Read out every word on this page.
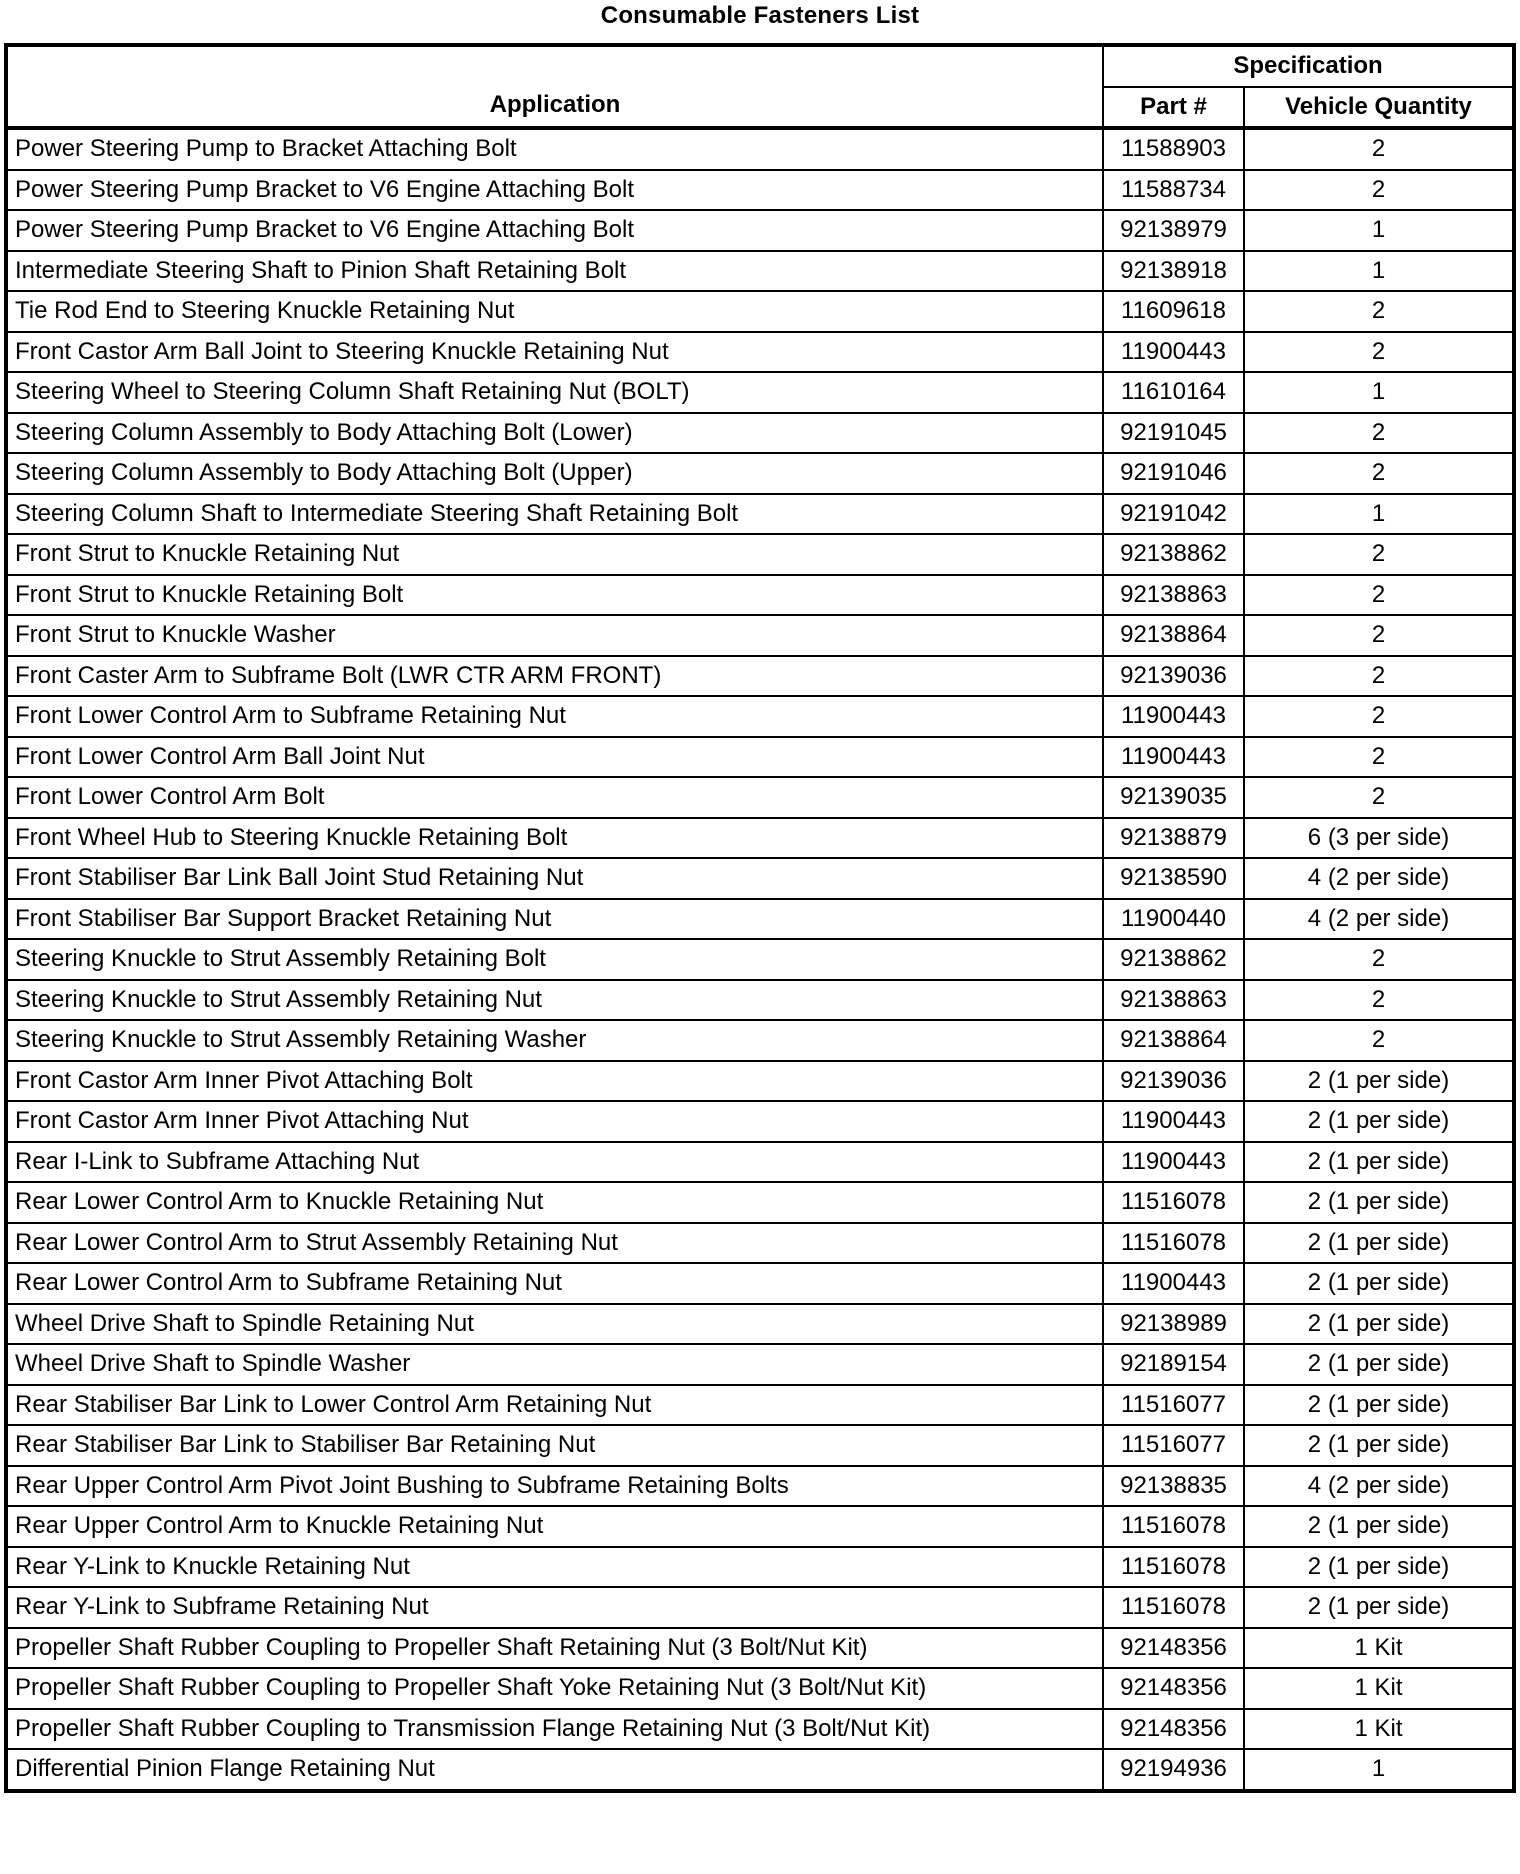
Consumable Fasteners List
Application	Specification	
	Part #	Vehicle Quantity
Power Steering Pump to Bracket Attaching Bolt	11588903	2
Power Steering Pump Bracket to V6 Engine Attaching Bolt	11588734	2
Power Steering Pump Bracket to V6 Engine Attaching Bolt	92138979	1
Intermediate Steering Shaft to Pinion Shaft Retaining Bolt	92138918	1
Tie Rod End to Steering Knuckle Retaining Nut	11609618	2
Front Castor Arm Ball Joint to Steering Knuckle Retaining Nut	11900443	2
Steering Wheel to Steering Column Shaft Retaining Nut (BOLT)	11610164	1
Steering Column Assembly to Body Attaching Bolt (Lower)	92191045	2
Steering Column Assembly to Body Attaching Bolt (Upper)	92191046	2
Steering Column Shaft to Intermediate Steering Shaft Retaining Bolt	92191042	1
Front Strut to Knuckle Retaining Nut	92138862	2
Front Strut to Knuckle Retaining Bolt	92138863	2
Front Strut to Knuckle Washer	92138864	2
Front Caster Arm to Subframe Bolt (LWR CTR ARM FRONT)	92139036	2
Front Lower Control Arm to Subframe Retaining Nut	11900443	2
Front Lower Control Arm Ball Joint Nut	11900443	2
Front Lower Control Arm Bolt	92139035	2
Front Wheel Hub to Steering Knuckle Retaining Bolt	92138879	6 (3 per side)
Front Stabiliser Bar Link Ball Joint Stud Retaining Nut	92138590	4 (2 per side)
Front Stabiliser Bar Support Bracket Retaining Nut	11900440	4 (2 per side)
Steering Knuckle to Strut Assembly Retaining Bolt	92138862	2
Steering Knuckle to Strut Assembly Retaining Nut	92138863	2
Steering Knuckle to Strut Assembly Retaining Washer	92138864	2
Front Castor Arm Inner Pivot Attaching Bolt	92139036	2 (1 per side)
Front Castor Arm Inner Pivot Attaching Nut	11900443	2 (1 per side)
Rear I-Link to Subframe Attaching Nut	11900443	2 (1 per side)
Rear Lower Control Arm to Knuckle Retaining Nut	11516078	2 (1 per side)
Rear Lower Control Arm to Strut Assembly Retaining Nut	11516078	2 (1 per side)
Rear Lower Control Arm to Subframe Retaining Nut	11900443	2 (1 per side)
Wheel Drive Shaft to Spindle Retaining Nut	92138989	2 (1 per side)
Wheel Drive Shaft to Spindle Washer	92189154	2 (1 per side)
Rear Stabiliser Bar Link to Lower Control Arm Retaining Nut	11516077	2 (1 per side)
Rear Stabiliser Bar Link to Stabiliser Bar Retaining Nut	11516077	2 (1 per side)
Rear Upper Control Arm Pivot Joint Bushing to Subframe Retaining Bolts	92138835	4 (2 per side)
Rear Upper Control Arm to Knuckle Retaining Nut	11516078	2 (1 per side)
Rear Y-Link to Knuckle Retaining Nut	11516078	2 (1 per side)
Rear Y-Link to Subframe Retaining Nut	11516078	2 (1 per side)
Propeller Shaft Rubber Coupling to Propeller Shaft Retaining Nut (3 Bolt/Nut Kit)	92148356	1 Kit
Propeller Shaft Rubber Coupling to Propeller Shaft Yoke Retaining Nut (3 Bolt/Nut Kit)	92148356	1 Kit
Propeller Shaft Rubber Coupling to Transmission Flange Retaining Nut (3 Bolt/Nut Kit)	92148356	1 Kit
Differential Pinion Flange Retaining Nut	92194936	1
